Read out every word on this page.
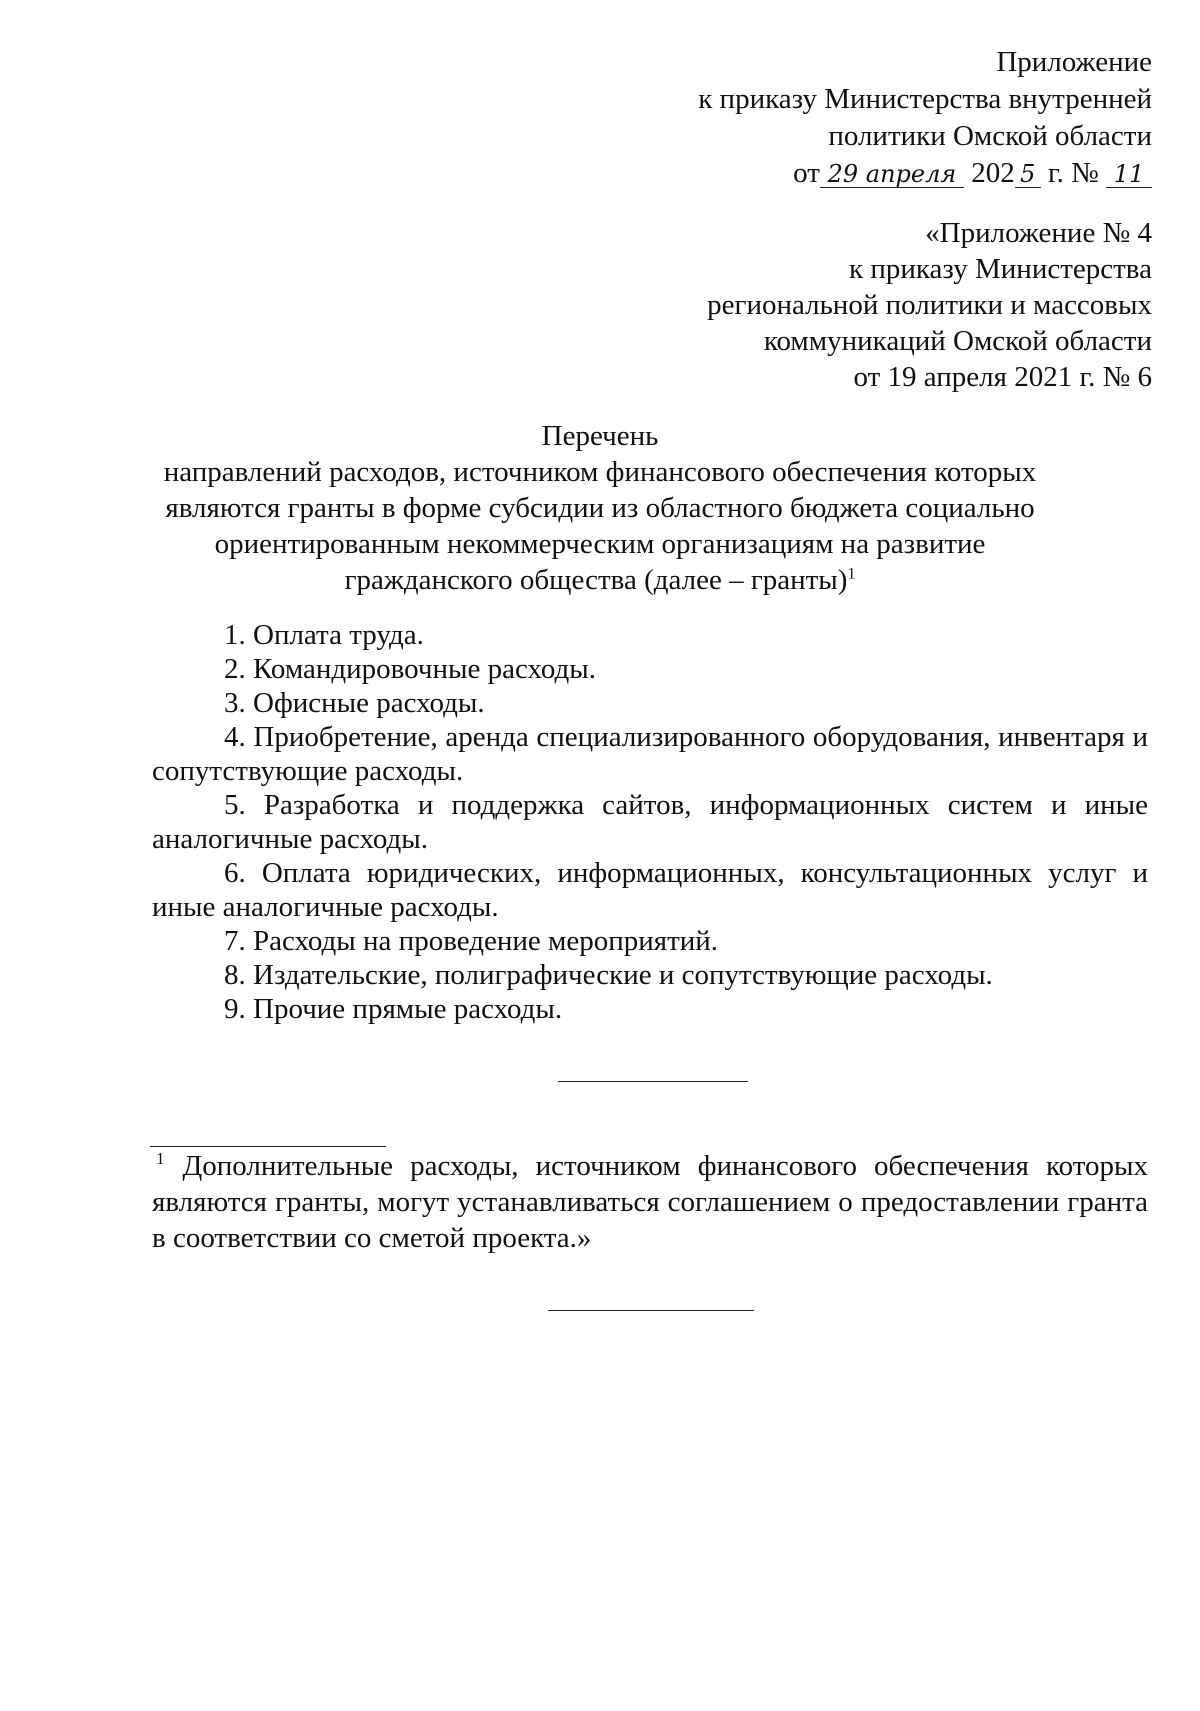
Приложение
к приказу Министерства внутренней
политики Омской области
от 29 апреля 202 5 г. № 11
«Приложение № 4
к приказу Министерства
региональной политики и массовых
коммуникаций Омской области
от 19 апреля 2021 г. № 6
Перечень
направлений расходов, источником финансового обеспечения которых
являются гранты в форме субсидии из областного бюджета социально
ориентированным некоммерческим организациям на развитие
гражданского общества (далее – гранты)$^1$

1. Оплата труда.

2. Командировочные расходы.

3. Офисные расходы.

4. Приобретение, аренда специализированного оборудования, инвентаря и сопутствующие расходы.

5. Разработка и поддержка сайтов, информационных систем и иные аналогичные расходы.

6. Оплата юридических, информационных, консультационных услуг и иные аналогичные расходы.

7. Расходы на проведение мероприятий.

8. Издательские, полиграфические и сопутствующие расходы.

9. Прочие прямые расходы.

$^1$ Дополнительные расходы, источником финансового обеспечения которых являются гранты, могут устанавливаться соглашением о предоставлении гранта в соответствии со сметой проекта.»
